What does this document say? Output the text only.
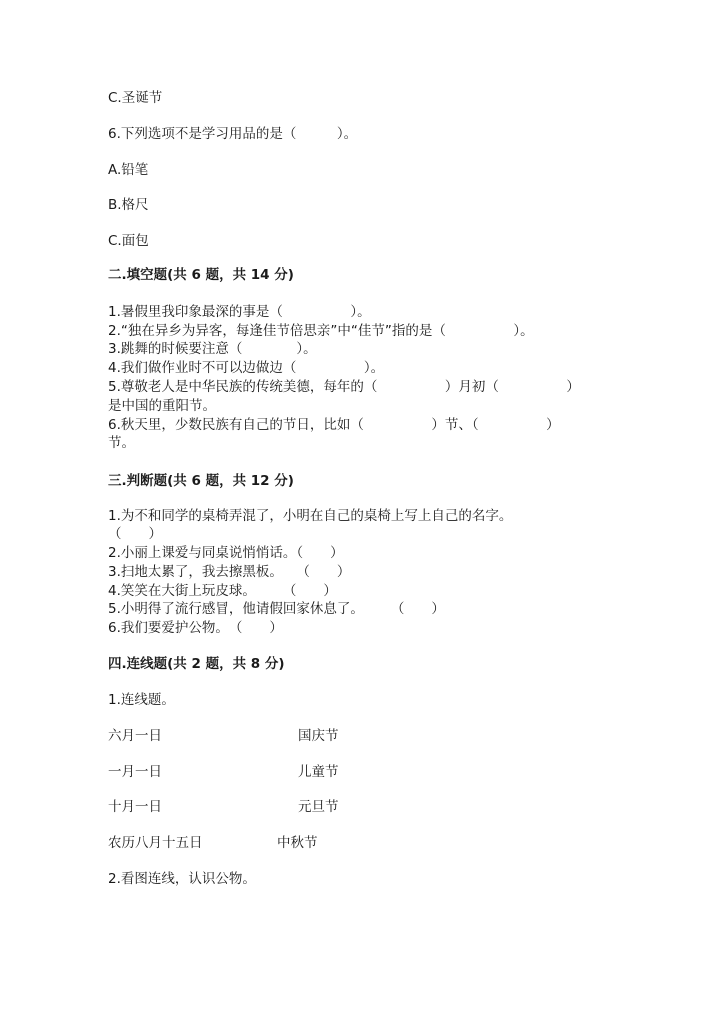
C.圣诞节
6.下列选项不是学习用品的是（　　　）。
A.铅笔
B.格尺
C.面包
二.填空题(共 6 题，共 14 分)
1.暑假里我印象最深的事是（　　　　　）。
2.“独在异乡为异客，每逢佳节倍思亲”中“佳节”指的是（　　　　　）。
3.跳舞的时候要注意（　　　　）。
4.我们做作业时不可以边做边（　　　　　）。
5.尊敬老人是中华民族的传统美德，每年的（　　　　　）月初（　　　　　）
是中国的重阳节。
6.秋天里，少数民族有自己的节日，比如（　　　　　）节、（　　　　　）
节。
三.判断题(共 6 题，共 12 分)
1.为不和同学的桌椅弄混了，小明在自己的桌椅上写上自己的名字。
（　　）
2.小丽上课爱与同桌说悄悄话。（　　）
3.扫地太累了，我去擦黑板。　　（　　）
4.笑笑在大街上玩皮球。　　　（　　）
5.小明得了流行感冒，他请假回家休息了。　　　（　　）
6.我们要爱护公物。　（　　）
四.连线题(共 2 题，共 8 分)
1.连线题。
六月一日	国庆节
一月一日	儿童节
十月一日	元旦节
农历八月十五日	中秋节
2.看图连线，认识公物。
